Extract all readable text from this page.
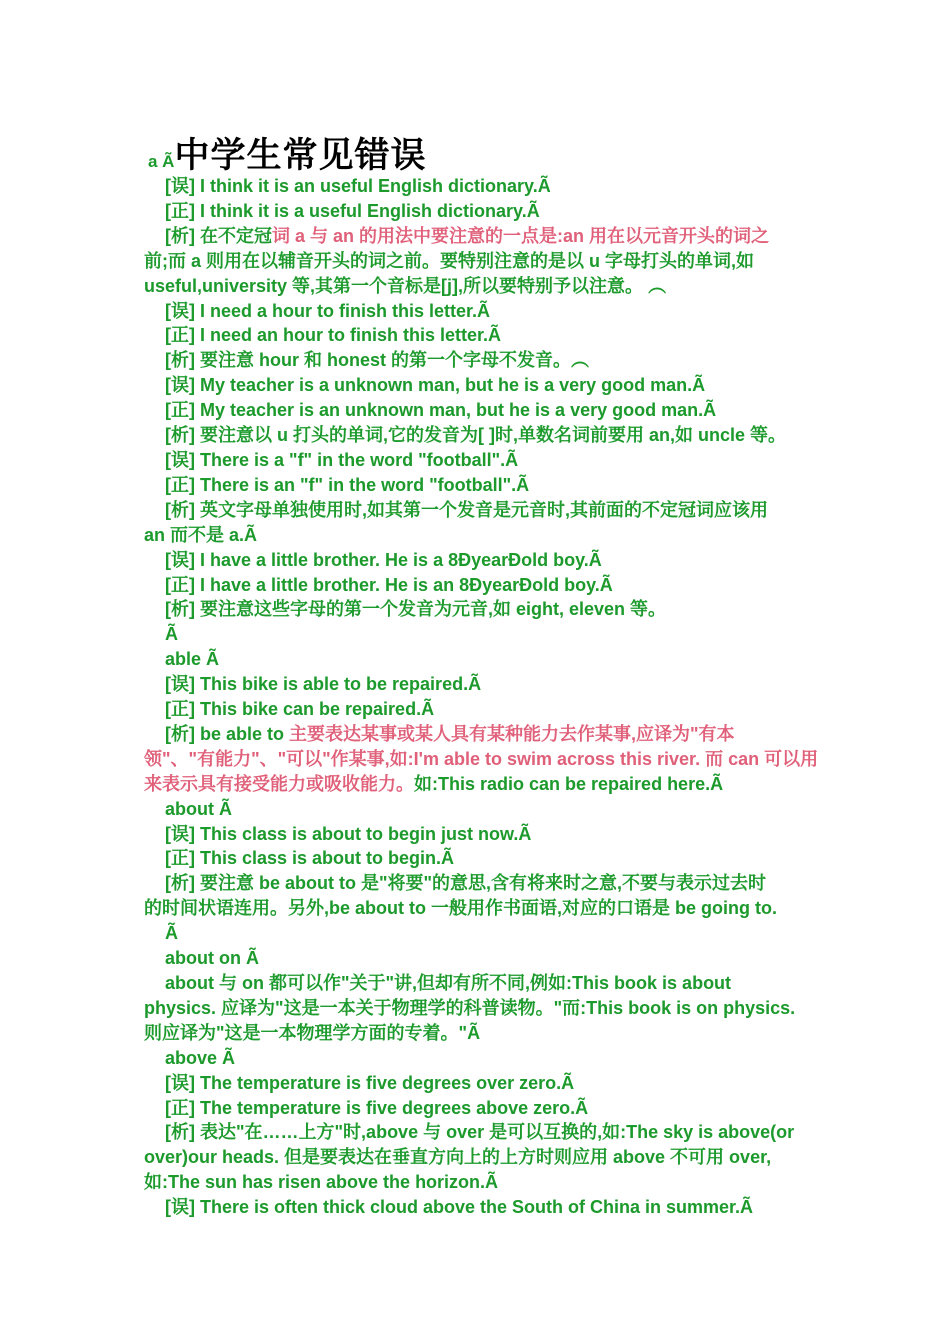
a Ã中学生常见错误
[误] I think it is an useful English dictionary.Ã
[正] I think it is a useful English dictionary.Ã
[析] 在不定冠词 a 与 an 的用法中要注意的一点是:an 用在以元音开头的词之
前;而 a 则用在以辅音开头的词之前。要特别注意的是以 u 字母打头的单词,如
useful,university 等,其第一个音标是[j],所以要特别予以注意。 ︵
[误] I need a hour to finish this letter.Ã
[正] I need an hour to finish this letter.Ã
[析] 要注意 hour 和 honest 的第一个字母不发音。︵
[误] My teacher is a unknown man, but he is a very good man.Ã
[正] My teacher is an unknown man, but he is a very good man.Ã
[析] 要注意以 u 打头的单词,它的发音为[ ]时,单数名词前要用 an,如 uncle 等。
[误] There is a "f" in the word "football".Ã
[正] There is an "f" in the word "football".Ã
[析] 英文字母单独使用时,如其第一个发音是元音时,其前面的不定冠词应该用
an 而不是 a.Ã
[误] I have a little brother. He is a 8ÐyearÐold boy.Ã
[正] I have a little brother. He is an 8ÐyearÐold boy.Ã
[析] 要注意这些字母的第一个发音为元音,如 eight, eleven 等。
Ã
able Ã
[误] This bike is able to be repaired.Ã
[正] This bike can be repaired.Ã
[析] be able to 主要表达某事或某人具有某种能力去作某事,应译为"有本
领"、"有能力"、"可以"作某事,如:I'm able to swim across this river. 而 can 可以用
来表示具有接受能力或吸收能力。如:This radio can be repaired here.Ã
about Ã
[误] This class is about to begin just now.Ã
[正] This class is about to begin.Ã
[析] 要注意 be about to 是"将要"的意思,含有将来时之意,不要与表示过去时
的时间状语连用。另外,be about to 一般用作书面语,对应的口语是 be going to.
Ã
about on Ã
about 与 on 都可以作"关于"讲,但却有所不同,例如:This book is about
physics. 应译为"这是一本关于物理学的科普读物。"而:This book is on physics.
则应译为"这是一本物理学方面的专着。"Ã
above Ã
[误] The temperature is five degrees over zero.Ã
[正] The temperature is five degrees above zero.Ã
[析] 表达"在……上方"时,above 与 over 是可以互换的,如:The sky is above(or
over)our heads. 但是要表达在垂直方向上的上方时则应用 above 不可用 over,
如:The sun has risen above the horizon.Ã
[误] There is often thick cloud above the South of China in summer.Ã
